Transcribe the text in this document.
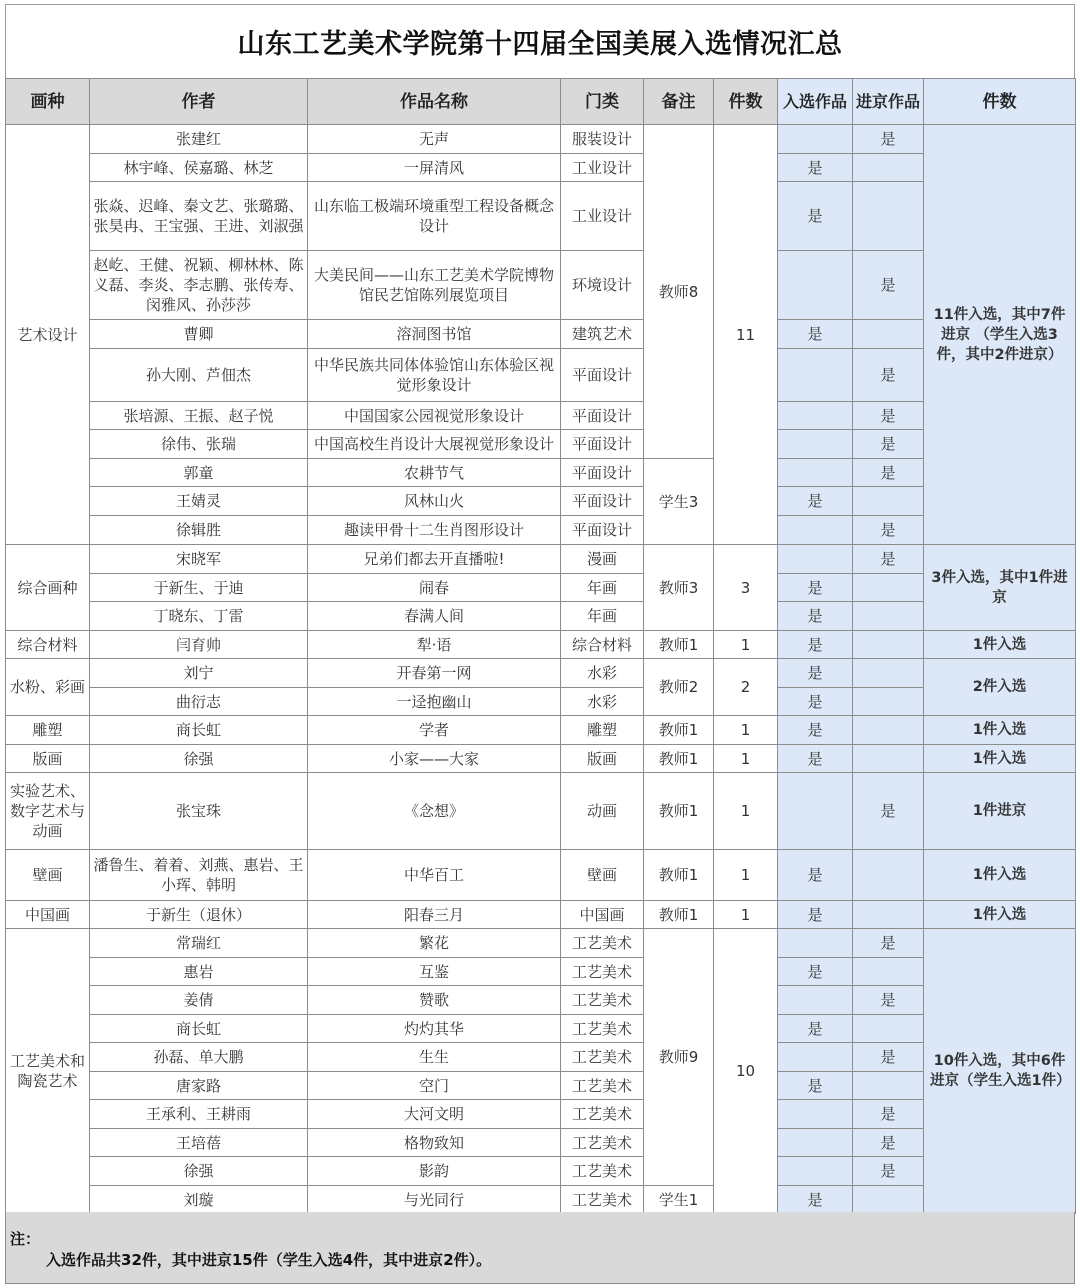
山东工艺美术学院第十四届全国美展入选情况汇总
画种	作者	作品名称	门类	备注	件数	入选作品	进京作品	件数
艺术设计	张建红	无声	服装设计	教师8	11		是	11件入选，其中7件进京 （学生入选3件，其中2件进京）
	林宇峰、侯嘉璐、林芝	一屏清风	工业设计			是		
	张焱、迟峰、秦文艺、张璐璐、张昊冉、王宝强、王进、刘淑强	山东临工极端环境重型工程设备概念设计	工业设计			是		
	赵屹、王健、祝颖、柳林林、陈义磊、李炎、李志鹏、张传寿、闵雅风、孙莎莎	大美民间——山东工艺美术学院博物馆民艺馆陈列展览项目	环境设计				是	
	曹卿	溶洞图书馆	建筑艺术			是		
	孙大刚、芦佃杰	中华民族共同体体验馆山东体验区视觉形象设计	平面设计				是	
	张培源、王振、赵子悦	中国国家公园视觉形象设计	平面设计				是	
	徐伟、张瑞	中国高校生肖设计大展视觉形象设计	平面设计				是	
	郭童	农耕节气	平面设计	学生3			是	
	王婧灵	风林山火	平面设计			是		
	徐辑胜	趣读甲骨十二生肖图形设计	平面设计				是	
综合画种	宋晓军	兄弟们都去开直播啦!	漫画	教师3	3		是	3件入选，其中1件进京
	于新生、于迪	闹春	年画			是		
	丁晓东、丁雷	春满人间	年画			是		
综合材料	闫育帅	犁·语	综合材料	教师1	1	是		1件入选
水粉、彩画	刘宁	开春第一网	水彩	教师2	2	是		2件入选
	曲衍志	一迳抱幽山	水彩			是		
雕塑	商长虹	学者	雕塑	教师1	1	是		1件入选
版画	徐强	小家——大家	版画	教师1	1	是		1件入选
实验艺术、数字艺术与动画	张宝珠	《念想》	动画	教师1	1		是	1件进京
壁画	潘鲁生、着着、刘燕、惠岩、王小珲、韩明	中华百工	壁画	教师1	1	是		1件入选
中国画	于新生（退休）	阳春三月	中国画	教师1	1	是		1件入选
工艺美术和陶瓷艺术	常瑞红	繁花	工艺美术	教师9	10		是	10件入选，其中6件进京（学生入选1件）
	惠岩	互鉴	工艺美术			是		
	姜倩	赞歌	工艺美术				是	
	商长虹	灼灼其华	工艺美术			是		
	孙磊、单大鹏	生生	工艺美术				是	
	唐家路	空门	工艺美术			是		
	王承利、王耕雨	大河文明	工艺美术				是	
	王培蓓	格物致知	工艺美术				是	
	徐强	影韵	工艺美术				是	
	刘璇	与光同行	工艺美术	学生1		是		
注：
入选作品共32件，其中进京15件（学生入选4件，其中进京2件）。
